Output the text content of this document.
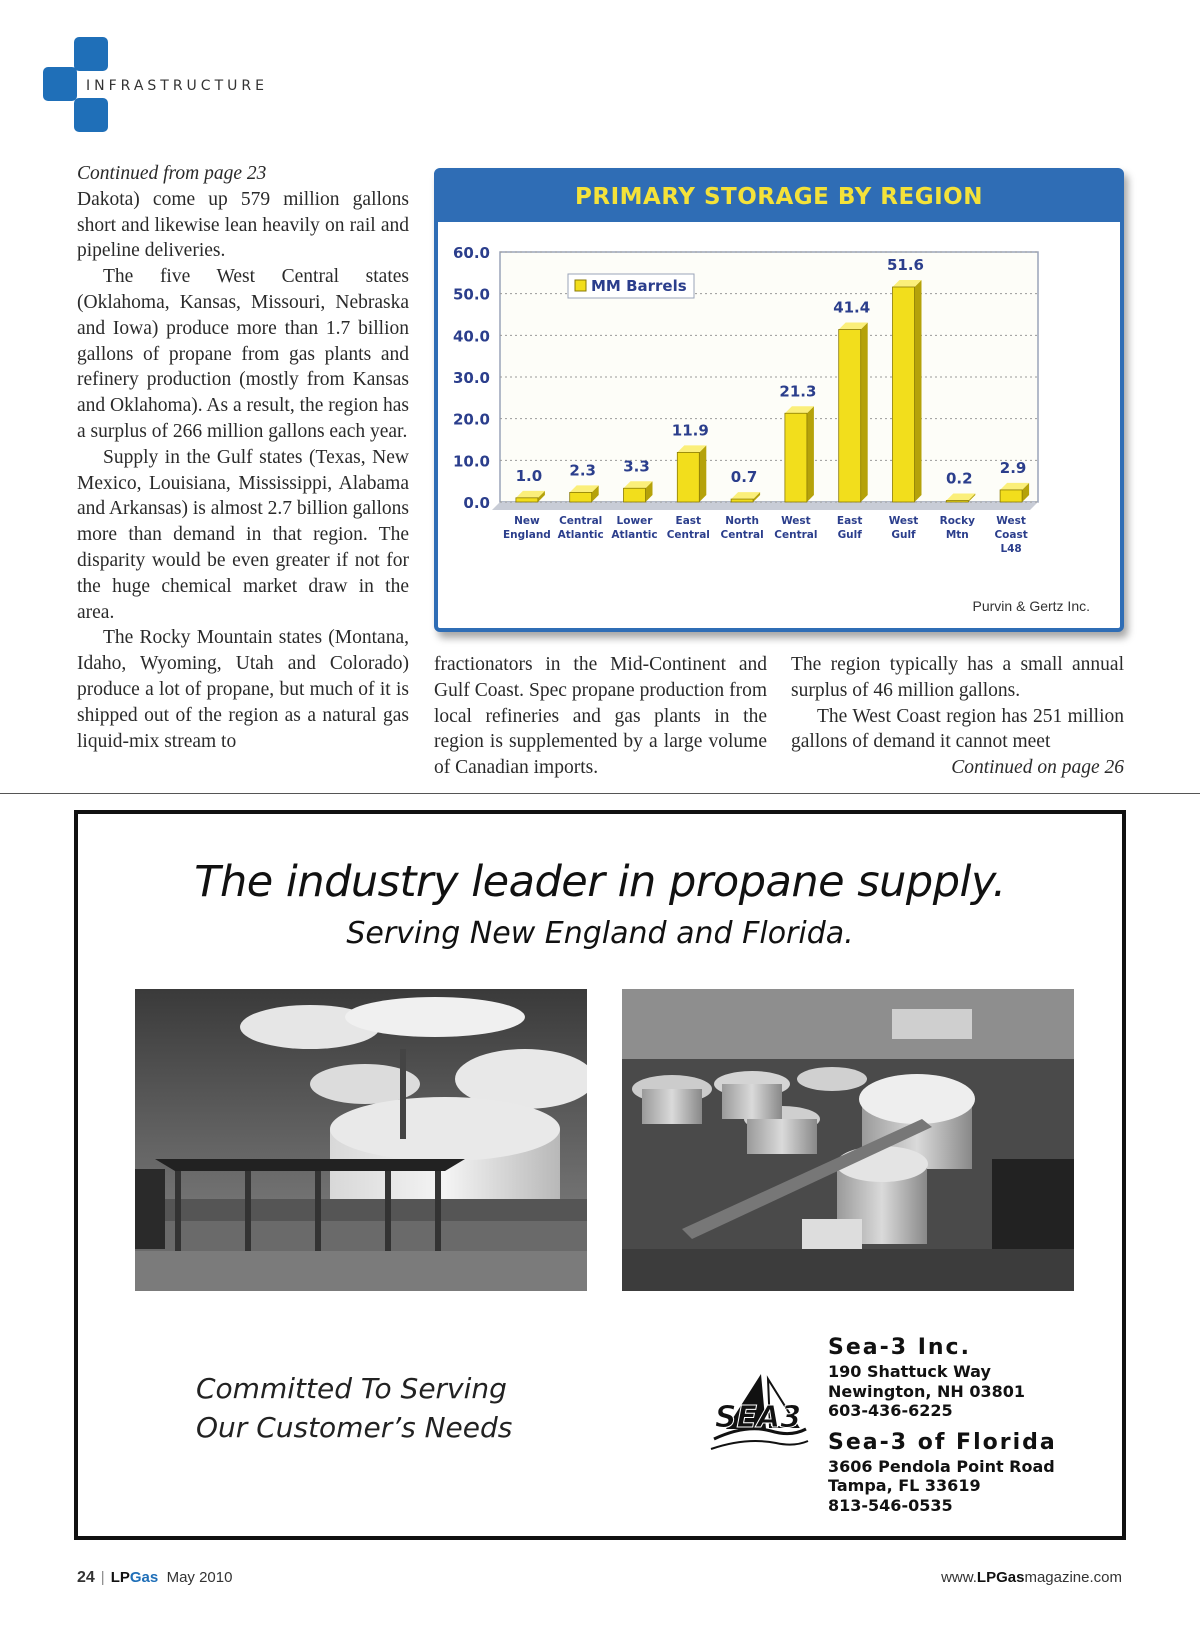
INFRASTRUCTURE

Continued from page 23

Dakota) come up 579 million gallons short and likewise lean heavily on rail and pipeline deliveries.

The five West Central states (Oklahoma, Kansas, Missouri, Nebraska and Iowa) produce more than 1.7 billion gallons of propane from gas plants and refinery production (mostly from Kansas and Oklahoma). As a result, the region has a surplus of 266 million gallons each year.

Supply in the Gulf states (Texas, New Mexico, Louisiana, Mississippi, Alabama and Arkansas) is almost 2.7 billion gallons more than demand in that region. The disparity would be even greater if not for the huge chemical market draw in the area.

The Rocky Mountain states (Montana, Idaho, Wyoming, Utah and Colorado) produce a lot of propane, but much of it is shipped out of the region as a natural gas liquid-mix stream to

PRIMARY STORAGE BY REGION
0.0
10.0
20.0
30.0
40.0
50.0
60.0
1.0
New England
2.3
Central Atlantic
3.3
Lower Atlantic
11.9
East Central
0.7
North Central
21.3
West Central
41.4
East Gulf
51.6
West Gulf
0.2
Rocky Mtn
2.9
West Coast L48
MM Barrels
Purvin & Gertz Inc.

fractionators in the Mid-Continent and Gulf Coast. Spec propane production from local refineries and gas plants in the region is supplemented by a large volume of Canadian imports.

The region typically has a small annual surplus of 46 million gallons.

The West Coast region has 251 million gallons of demand it cannot meet

Continued on page 26

The industry leader in propane supply.
Serving New England and Florida.
Committed To Serving
Our Customer’s Needs	SEA3
Sea-3 Inc.
190 Shattuck Way
Newington, NH 03801
603-436-6225
Sea-3 of Florida
3606 Pendola Point Road
Tampa, FL 33619
813-546-0535
24 | LPGas May 2010	www.LPGasmagazine.com
